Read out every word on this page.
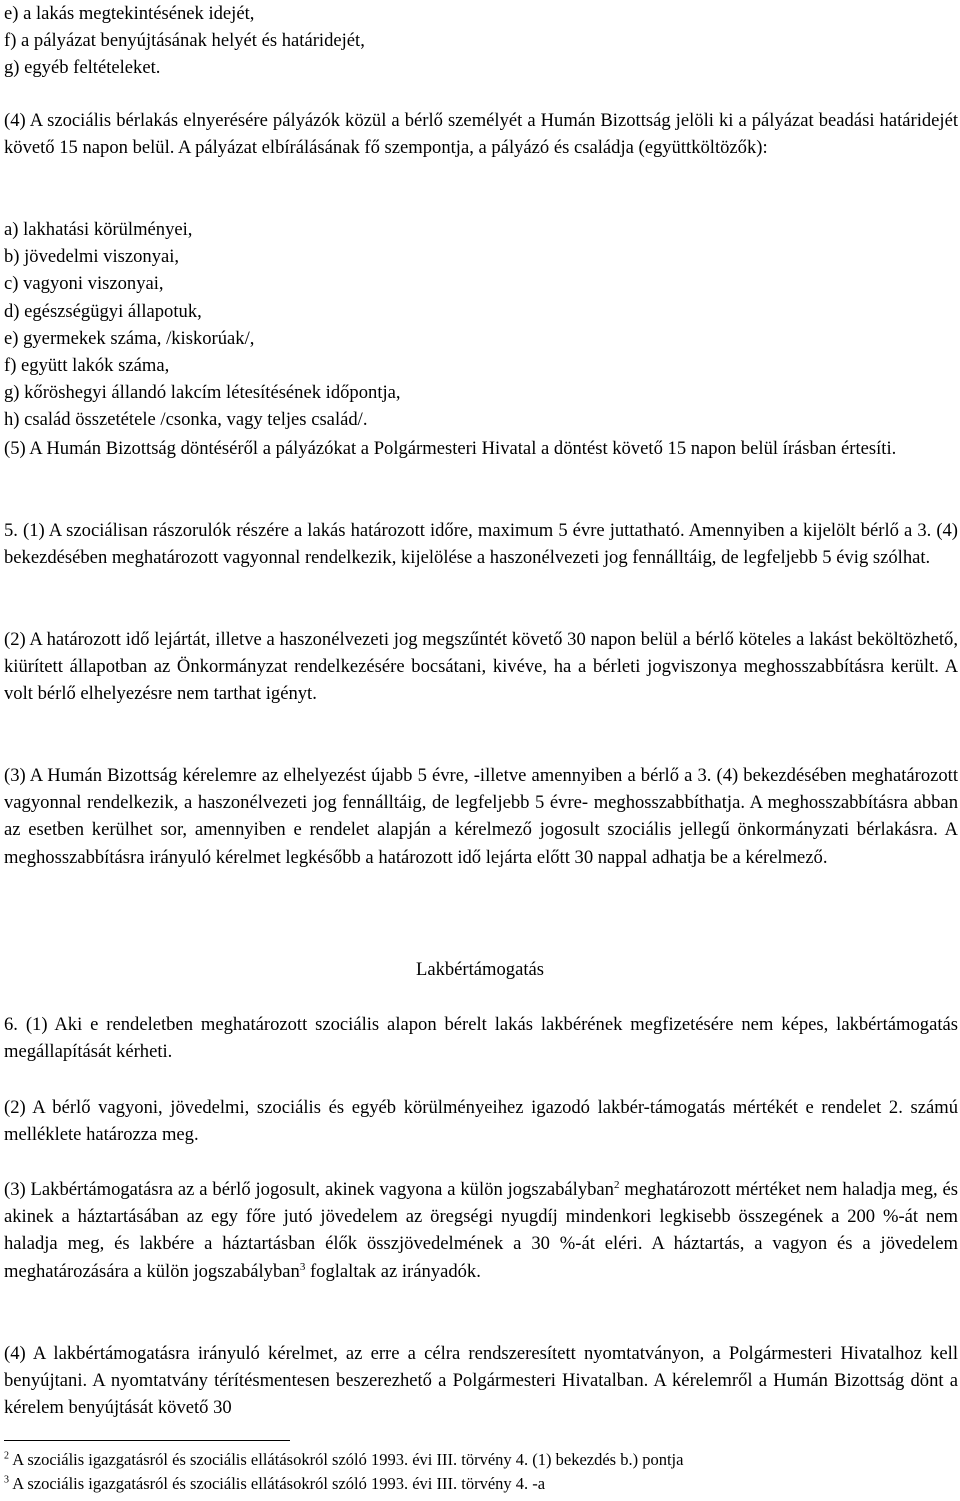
e) a lakás megtekintésének idejét,
f) a pályázat benyújtásának helyét és határidejét,
g) egyéb feltételeket.

(4) A szociális bérlakás elnyerésére pályázók közül a bérlő személyét a Humán Bizottság jelöli ki a pályázat beadási határidejét követő 15 napon belül. A pályázat elbírálásának fő szempontja, a pályázó és családja (együttköltözők):

a) lakhatási körülményei,
b) jövedelmi viszonyai,
c) vagyoni viszonyai,
d) egészségügyi állapotuk,
e) gyermekek száma, /kiskorúak/,
f) együtt lakók száma,
g) kőröshegyi állandó lakcím létesítésének időpontja,
h) család összetétele /csonka, vagy teljes család/.

(5) A Humán Bizottság döntéséről a pályázókat a Polgármesteri Hivatal a döntést követő 15 napon belül írásban értesíti.

5. (1) A szociálisan rászorulók részére a lakás határozott időre, maximum 5 évre juttatható. Amennyiben a kijelölt bérlő a 3. (4) bekezdésében meghatározott vagyonnal rendelkezik, kijelölése a haszonélvezeti jog fennálltáig, de legfeljebb 5 évig szólhat.

(2) A határozott idő lejártát, illetve a haszonélvezeti jog megszűntét követő 30 napon belül a bérlő köteles a lakást beköltözhető, kiürített állapotban az Önkormányzat rendelkezésére bocsátani, kivéve, ha a bérleti jogviszonya meghosszabbításra került. A volt bérlő elhelyezésre nem tarthat igényt.

(3) A Humán Bizottság kérelemre az elhelyezést újabb 5 évre, -illetve amennyiben a bérlő a 3. (4) bekezdésében meghatározott vagyonnal rendelkezik, a haszonélvezeti jog fennálltáig, de legfeljebb 5 évre- meghosszabbíthatja. A meghosszabbításra abban az esetben kerülhet sor, amennyiben e rendelet alapján a kérelmező jogosult szociális jellegű önkormányzati bérlakásra. A meghosszabbításra irányuló kérelmet legkésőbb a határozott idő lejárta előtt 30 nappal adhatja be a kérelmező.

Lakbértámogatás

6. (1) Aki e rendeletben meghatározott szociális alapon bérelt lakás lakbérének megfizetésére nem képes, lakbértámogatás megállapítását kérheti.

(2) A bérlő vagyoni, jövedelmi, szociális és egyéb körülményeihez igazodó lakbér-támogatás mértékét e rendelet 2. számú melléklete határozza meg.

(3) Lakbértámogatásra az a bérlő jogosult, akinek vagyona a külön jogszabályban$^2$ meghatározott mértéket nem haladja meg, és akinek a háztartásában az egy főre jutó jövedelem az öregségi nyugdíj mindenkori legkisebb összegének a 200 %-át nem haladja meg, és lakbére a háztartásban élők összjövedelmének a 30 %-át eléri. A háztartás, a vagyon és a jövedelem meghatározására a külön jogszabályban$^3$ foglaltak az irányadók.

(4) A lakbértámogatásra irányuló kérelmet, az erre a célra rendszeresített nyomtatványon, a Polgármesteri Hivatalhoz kell benyújtani. A nyomtatvány térítésmentesen beszerezhető a Polgármesteri Hivatalban. A kérelemről a Humán Bizottság dönt a kérelem benyújtását követő 30

$^2$ A szociális igazgatásról és szociális ellátásokról szóló 1993. évi III. törvény 4. (1) bekezdés b.) pontja
$^3$ A szociális igazgatásról és szociális ellátásokról szóló 1993. évi III. törvény 4. -a
